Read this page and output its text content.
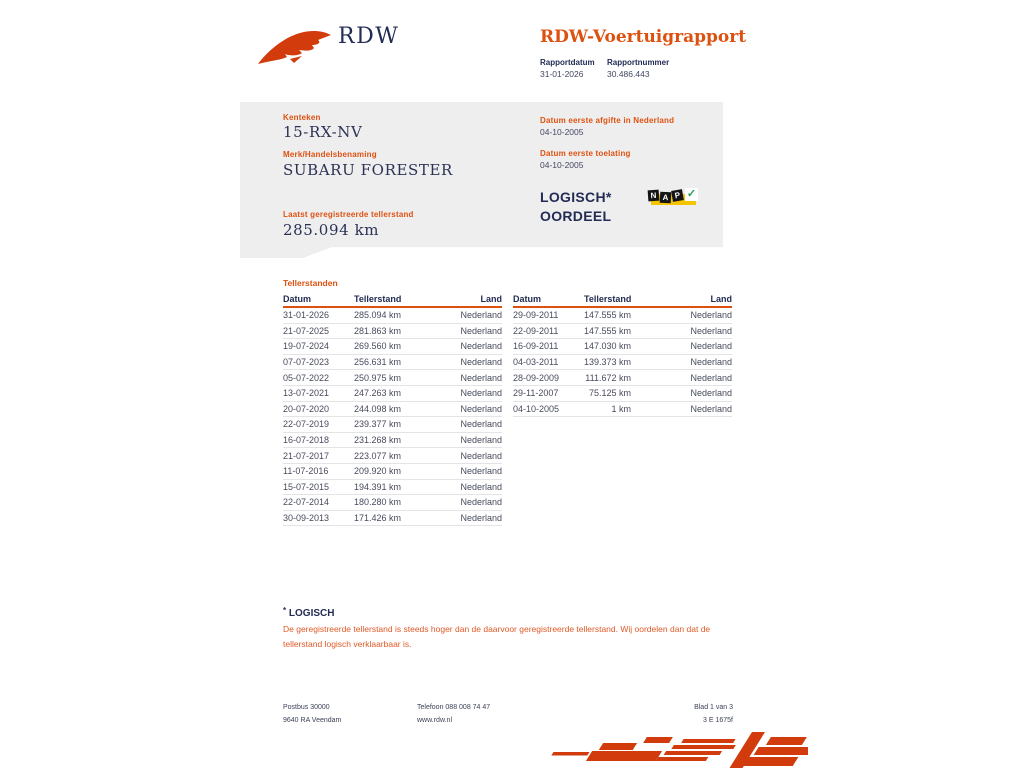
RDW	RDW-Voertuigrapport
Rapportdatum Rapportnummer
31-01-2026	30.486.443
Kenteken
15-RX-NV
Merk/Handelsbenaming
SUBARU FORESTER
Laatst geregistreerde tellerstand
285.094 km
Datum eerste afgifte in Nederland
04-10-2005
Datum eerste toelating
04-10-2005
LOGISCH*
OORDEEL
N A P ✓
Tellerstanden
Datum	Tellerstand	Land
31-01-2026	285.094 km	Nederland
21-07-2025	281.863 km	Nederland
19-07-2024	269.560 km	Nederland
07-07-2023	256.631 km	Nederland
05-07-2022	250.975 km	Nederland
13-07-2021	247.263 km	Nederland
20-07-2020	244.098 km	Nederland
22-07-2019	239.377 km	Nederland
16-07-2018	231.268 km	Nederland
21-07-2017	223.077 km	Nederland
11-07-2016	209.920 km	Nederland
15-07-2015	194.391 km	Nederland
22-07-2014	180.280 km	Nederland
30-09-2013	171.426 km	Nederland
Datum	Tellerstand	Land
29-09-2011	147.555 km	Nederland
22-09-2011	147.555 km	Nederland
16-09-2011	147.030 km	Nederland
04-03-2011	139.373 km	Nederland
28-09-2009	111.672 km	Nederland
29-11-2007	75.125 km	Nederland
04-10-2005	1 km	Nederland
* LOGISCH
De geregistreerde tellerstand is steeds hoger dan de daarvoor geregistreerde tellerstand. Wij oordelen dan dat de tellerstand logisch verklaarbaar is.
Postbus 30000
9640 RA Veendam
Telefoon 088 008 74 47
www.rdw.nl
Blad 1 van 3
3 E 1675f
